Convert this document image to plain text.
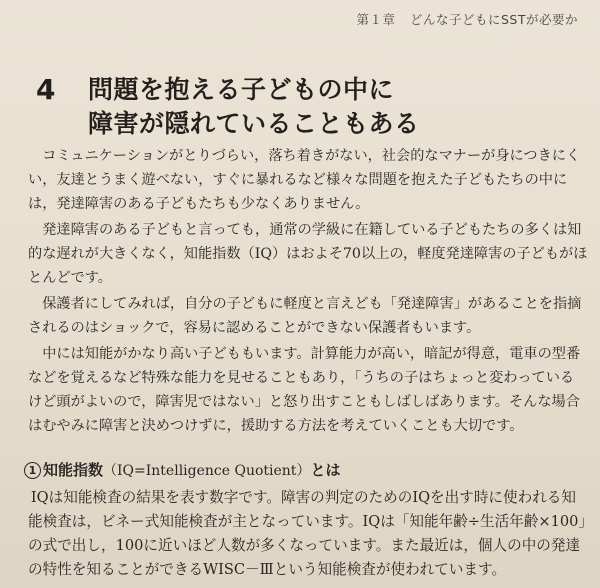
第１章 どんな子どもにSSTが必要か
4 問題を抱える子どもの中に
障害が隠れていることもある

コミュニケーションがとりづらい，落ち着きがない，社会的なマナーが身につきにくい，友達とうまく遊べない，すぐに暴れるなど様々な問題を抱えた子どもたちの中には，発達障害のある子どもたちも少なくありません。

発達障害のある子どもと言っても，通常の学級に在籍している子どもたちの多くは知的な遅れが大きくなく，知能指数（IQ）はおよそ70以上の，軽度発達障害の子どもがほとんどです。

保護者にしてみれば，自分の子どもに軽度と言えども「発達障害」があることを指摘されるのはショックで，容易に認めることができない保護者もいます。

中には知能がかなり高い子どももいます。計算能力が高い，暗記が得意，電車の型番などを覚えるなど特殊な能力を見せることもあり，「うちの子はちょっと変わっているけど頭がよいので，障害児ではない」と怒り出すこともしばしばあります。そんな場合はむやみに障害と決めつけずに，援助する方法を考えていくことも大切です。

1 知能指数（IQ=Intelligence Quotient）とは

IQは知能検査の結果を表す数字です。障害の判定のためのIQを出す時に使われる知能検査は，ビネー式知能検査が主となっています。IQは「知能年齢÷生活年齢×100」の式で出し，100に近いほど人数が多くなっています。また最近は，個人の中の発達の特性を知ることができるWISC－Ⅲという知能検査が使われています。
